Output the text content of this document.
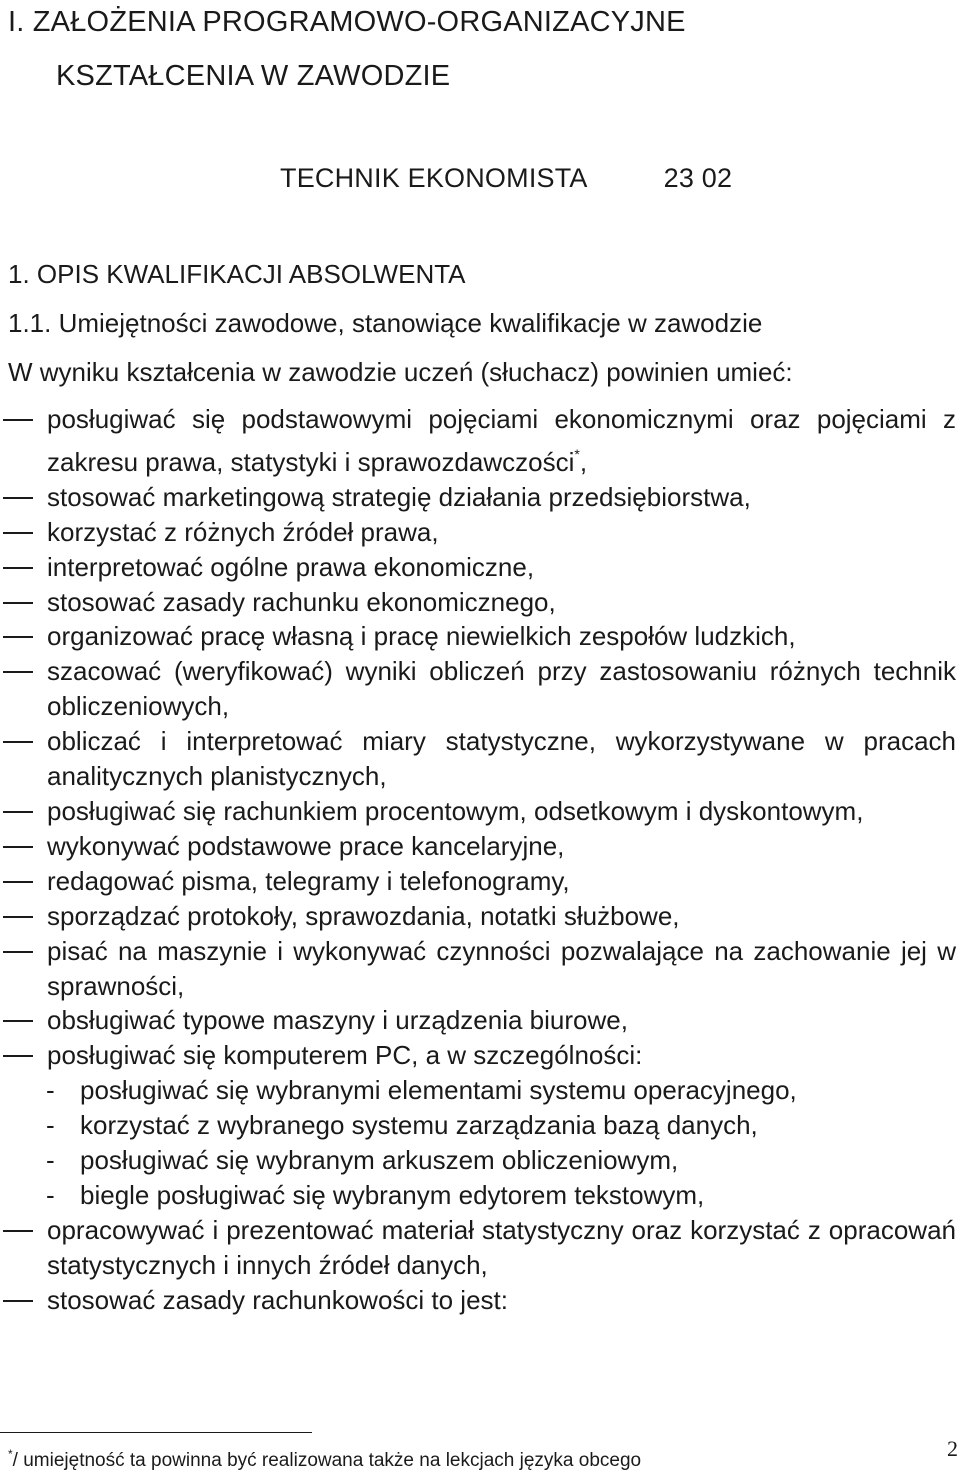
I. ZAŁOŻENIA PROGRAMOWO-ORGANIZACYJNE
KSZTAŁCENIA W ZAWODZIE
TECHNIK EKONOMISTA	23 02
1. OPIS KWALIFIKACJI ABSOLWENTA
1.1. Umiejętności zawodowe, stanowiące kwalifikacje w zawodzie
W wyniku kształcenia w zawodzie uczeń (słuchacz) powinien umieć:
posługiwać się podstawowymi pojęciami ekonomicznymi oraz pojęciami z zakresu prawa, statystyki i sprawozdawczości*,
stosować marketingową strategię działania przedsiębiorstwa,
korzystać z różnych źródeł prawa,
interpretować ogólne prawa ekonomiczne,
stosować zasady rachunku ekonomicznego,
organizować pracę własną i pracę niewielkich zespołów ludzkich,
szacować (weryfikować) wyniki obliczeń przy zastosowaniu różnych technik obliczeniowych,
obliczać i interpretować miary statystyczne, wykorzystywane w pracach analitycznych planistycznych,
posługiwać się rachunkiem procentowym, odsetkowym i dyskontowym,
wykonywać podstawowe prace kancelaryjne,
redagować pisma, telegramy i telefonogramy,
sporządzać protokoły, sprawozdania, notatki służbowe,
pisać na maszynie i wykonywać czynności pozwalające na zachowanie jej w sprawności,
obsługiwać typowe maszyny i urządzenia biurowe,
posługiwać się komputerem PC, a w szczególności:
- posługiwać się wybranymi elementami systemu operacyjnego,
- korzystać z wybranego systemu zarządzania bazą danych,
- posługiwać się wybranym arkuszem obliczeniowym,
- biegle posługiwać się wybranym edytorem tekstowym,
opracowywać i prezentować materiał statystyczny oraz korzystać z opracowań statystycznych i innych źródeł danych,
stosować zasady rachunkowości to jest:
*/ umiejętność ta powinna być realizowana także na lekcjach języka obcego	2
